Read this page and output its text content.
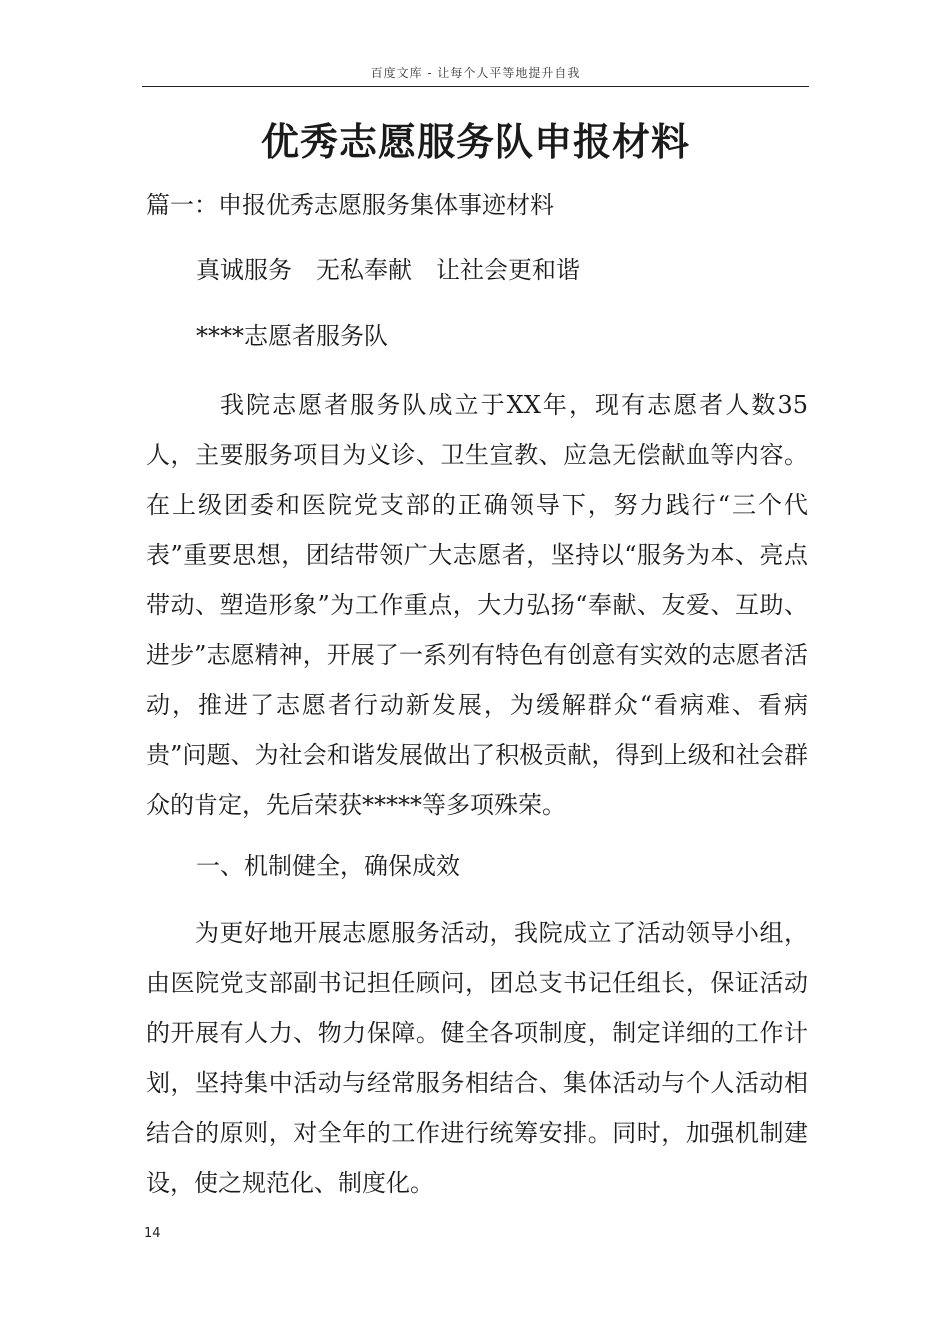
百度文库 - 让每个人平等地提升自我
优秀志愿服务队申报材料

篇一：申报优秀志愿服务集体事迹材料

真诚服务　无私奉献　让社会更和谐

****志愿者服务队

我院志愿者服务队成立于XX年，现有志愿者人数35人，主要服务项目为义诊、卫生宣教、应急无偿献血等内容。在上级团委和医院党支部的正确领导下，努力践行“三个代表”重要思想，团结带领广大志愿者，坚持以“服务为本、亮点带动、塑造形象”为工作重点，大力弘扬“奉献、友爱、互助、进步”志愿精神，开展了一系列有特色有创意有实效的志愿者活动，推进了志愿者行动新发展，为缓解群众“看病难、看病贵”问题、为社会和谐发展做出了积极贡献，得到上级和社会群众的肯定，先后荣获*****等多项殊荣。

一、机制健全，确保成效

为更好地开展志愿服务活动，我院成立了活动领导小组，由医院党支部副书记担任顾问，团总支书记任组长，保证活动的开展有人力、物力保障。健全各项制度，制定详细的工作计划，坚持集中活动与经常服务相结合、集体活动与个人活动相结合的原则，对全年的工作进行统筹安排。同时，加强机制建设，使之规范化、制度化。

14
